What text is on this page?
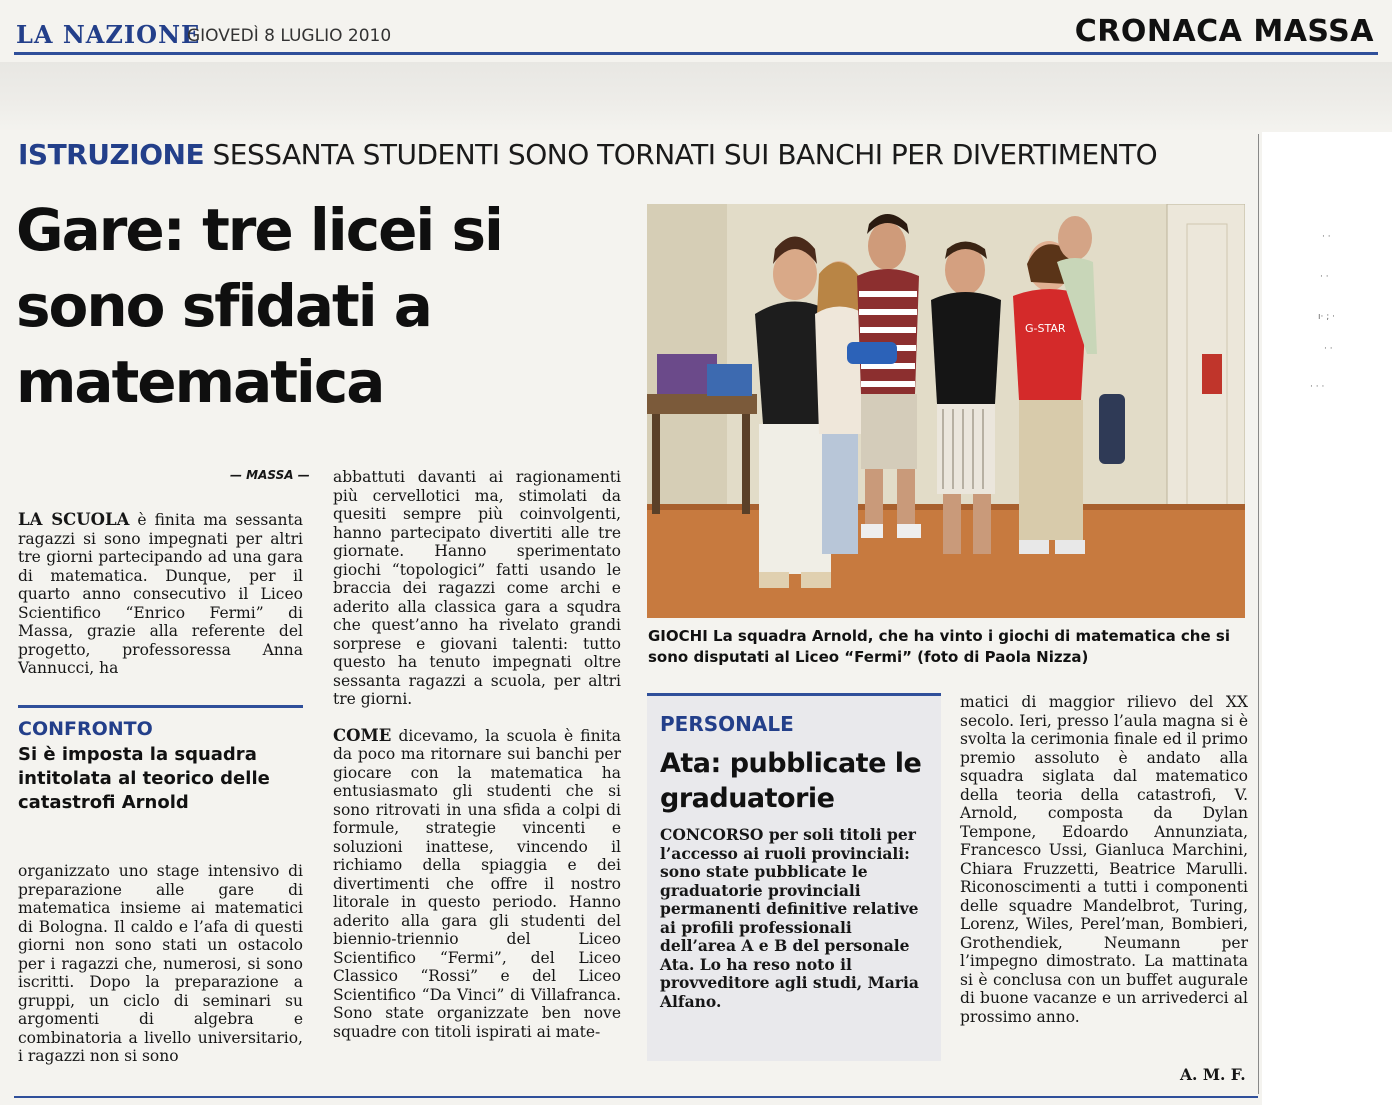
LA NAZIONE
GIOVEDÌ 8 LUGLIO 2010	CRONACA MASSA
· ·
· ·
ı· ; ·
· ·
· · ·
ISTRUZIONE SESSANTA STUDENTI SONO TORNATI SUI BANCHI PER DIVERTIMENTO
Gare: tre licei si sono sfidati a matematica
G-STAR
GIOCHI La squadra Arnold, che ha vinto i giochi di matematica che si sono disputati al Liceo “Fermi” (foto di Paola Nizza)
— MASSA —
LA SCUOLA è finita ma sessanta ragazzi si sono impegnati per altri tre giorni partecipando ad una gara di matematica. Dunque, per il quarto anno consecutivo il Liceo Scientifico “Enrico Fermi” di Massa, grazie alla referente del progetto, professoressa Anna Vannucci, ha
CONFRONTO
Si è imposta la squadra intitolata al teorico delle catastrofi Arnold
organizzato uno stage intensivo di preparazione alle gare di matematica insieme ai matematici di Bologna. Il caldo e l’afa di questi giorni non sono stati un ostacolo per i ragazzi che, numerosi, si sono iscritti. Dopo la preparazione a gruppi, un ciclo di seminari su argomenti di algebra e combinatoria a livello universitario, i ragazzi non si sono
abbattuti davanti ai ragionamenti più cervellotici ma, stimolati da quesiti sempre più coinvolgenti, hanno partecipato divertiti alle tre giornate. Hanno sperimentato giochi “topologici” fatti usando le braccia dei ragazzi come archi e aderito alla classica gara a squdra che quest’anno ha rivelato grandi sorprese e giovani talenti: tutto questo ha tenuto impegnati oltre sessanta ragazzi a scuola, per altri tre giorni.
COME dicevamo, la scuola è finita da poco ma ritornare sui banchi per giocare con la matematica ha entusiasmato gli studenti che si sono ritrovati in una sfida a colpi di formule, strategie vincenti e soluzioni inattese, vincendo il richiamo della spiaggia e dei divertimenti che offre il nostro litorale in questo periodo. Hanno aderito alla gara gli studenti del biennio-triennio del Liceo Scientifico “Fermi”, del Liceo Classico “Rossi” e del Liceo Scientifico “Da Vinci” di Villafranca. Sono state organizzate ben nove squadre con titoli ispirati ai mate-
PERSONALE
Ata: pubblicate le graduatorie
CONCORSO per soli titoli per l’accesso ai ruoli provinciali: sono state pubblicate le graduatorie provinciali permanenti definitive relative ai profili professionali dell’area A e B del personale Ata. Lo ha reso noto il provveditore agli studi, Maria Alfano.
matici di maggior rilievo del XX secolo. Ieri, presso l’aula magna si è svolta la cerimonia finale ed il primo premio assoluto è andato alla squadra siglata dal matematico della teoria della catastrofi, V. Arnold, composta da Dylan Tempone, Edoardo Annunziata, Francesco Ussi, Gianluca Marchini, Chiara Fruzzetti, Beatrice Marulli. Riconoscimenti a tutti i componenti delle squadre Mandelbrot, Turing, Lorenz, Wiles, Perel’man, Bombieri, Grothendiek, Neumann per l’impegno dimostrato. La mattinata si è conclusa con un buffet augurale di buone vacanze e un arrivederci al prossimo anno.
A. M. F.
